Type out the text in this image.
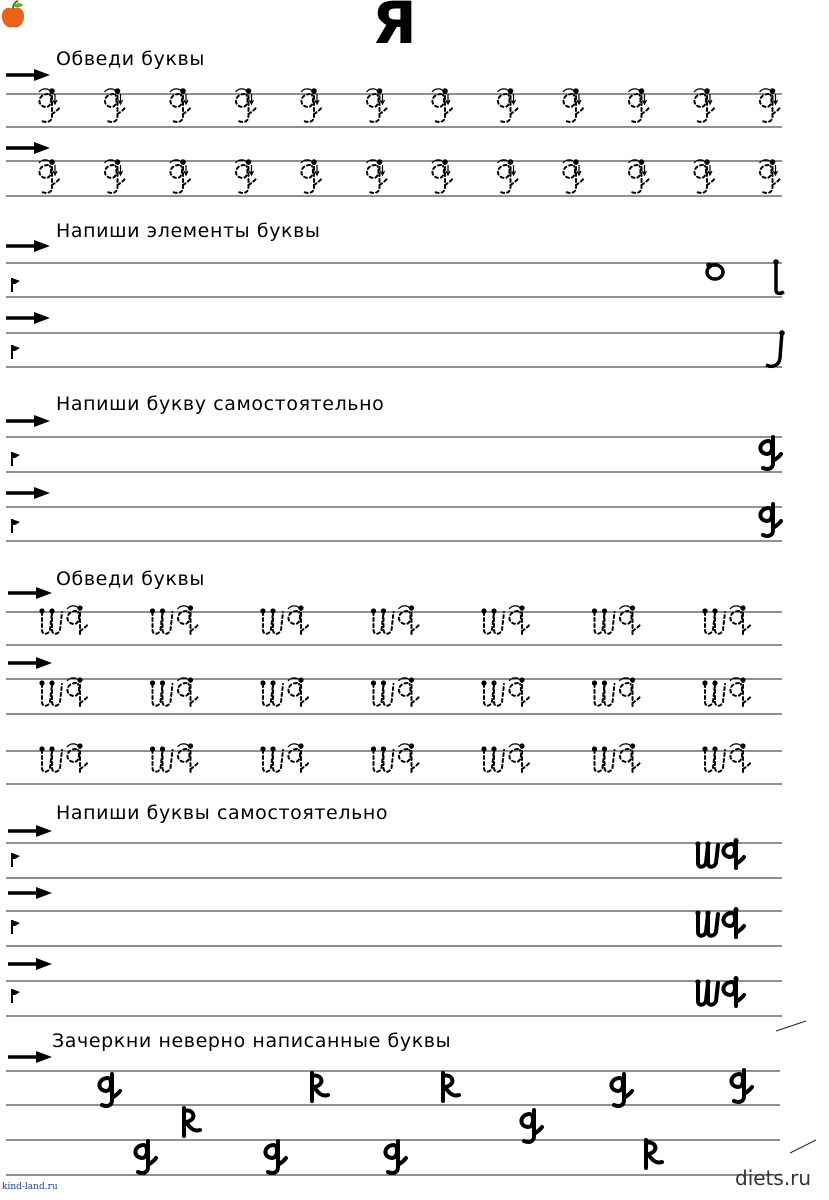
Я
Обведи буквы
Напиши элементы буквы
Напиши букву самостоятельно
Обведи буквы
Напиши буквы самостоятельно
Зачеркни неверно написанные буквы
kind-land.ru	diets.ru
